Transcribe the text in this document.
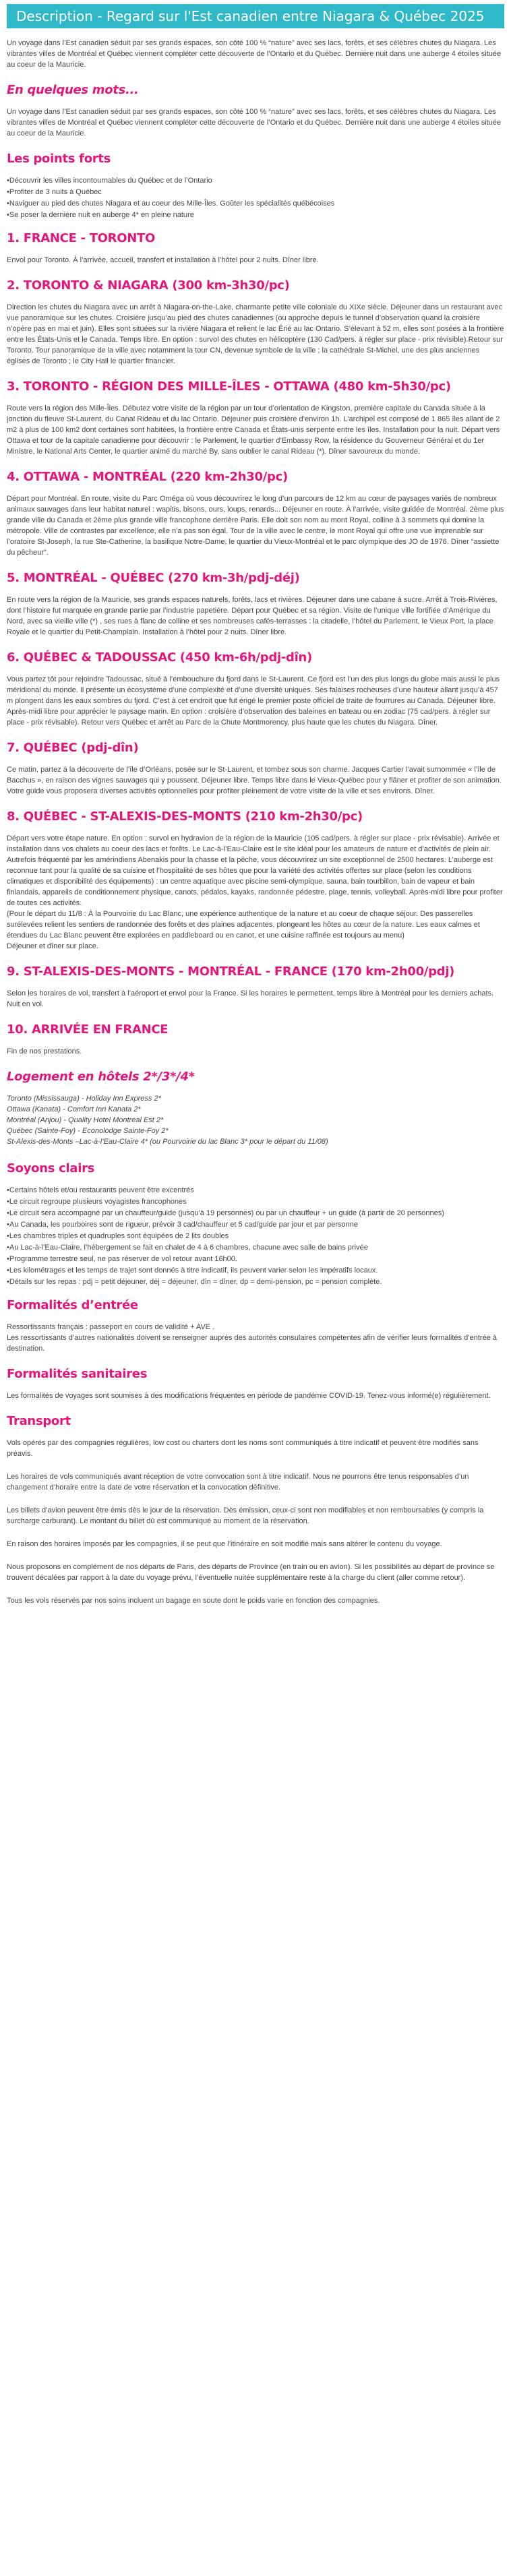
Description - Regard sur l'Est canadien entre Niagara & Québec 2025

Un voyage dans l’Est canadien séduit par ses grands espaces, son côté 100 % “nature” avec ses lacs, forêts, et ses célèbres chutes du Niagara. Les vibrantes villes de Montréal et Québec viennent compléter cette découverte de l’Ontario et du Québec. Dernière nuit dans une auberge 4 étoiles située au coeur de la Mauricie.

En quelques mots...

Un voyage dans l’Est canadien séduit par ses grands espaces, son côté 100 % “nature” avec ses lacs, forêts, et ses célèbres chutes du Niagara. Les vibrantes villes de Montréal et Québec viennent compléter cette découverte de l’Ontario et du Québec. Dernière nuit dans une auberge 4 étoiles située au coeur de la Mauricie.

Les points forts
• Découvrir les villes incontournables du Québec et de l’Ontario
• Profiter de 3 nuits à Québec
• Naviguer au pied des chutes Niagara et au coeur des Mille-Îles. Goûter les spécialités québécoises
• Se poser la dernière nuit en auberge 4* en pleine nature
1. FRANCE - TORONTO

Envol pour Toronto. À l’arrivée, accueil, transfert et installation à l’hôtel pour 2 nuits. Dîner libre.

2. TORONTO & NIAGARA (300 km-3h30/pc)

Direction les chutes du Niagara avec un arrêt à Niagara-on-the-Lake, charmante petite ville coloniale du XIXe siècle. Déjeuner dans un restaurant avec vue panoramique sur les chutes. Croisière jusqu’au pied des chutes canadiennes (ou approche depuis le tunnel d’observation quand la croisière n’opère pas en mai et juin). Elles sont situées sur la rivière Niagara et relient le lac Érié au lac Ontario. S’élevant à 52 m, elles sont posées à la frontière entre les États-Unis et le Canada. Temps libre. En option : survol des chutes en hélicoptère (130 Cad/pers. à régler sur place - prix révisible).Retour sur Toronto. Tour panoramique de la ville avec notamment la tour CN, devenue symbole de la ville ; la cathédrale St-Michel, une des plus anciennes églises de Toronto ; le City Hall le quartier financier.

3. TORONTO - RÉGION DES MILLE-ÎLES - OTTAWA (480 km-5h30/pc)

Route vers la région des Mille-Îles. Débutez votre visite de la région par un tour d’orientation de Kingston, première capitale du Canada située à la jonction du fleuve St-Laurent, du Canal Rideau et du lac Ontario. Déjeuner puis croisière d’environ 1h. L’archipel est composé de 1 865 îles allant de 2 m2 à plus de 100 km2 dont certaines sont habitées, la frontière entre Canada et États-unis serpente entre les îles. Installation pour la nuit. Départ vers Ottawa et tour de la capitale canadienne pour découvrir : le Parlement, le quartier d’Embassy Row, la résidence du Gouverneur Général et du 1er Ministre, le National Arts Center, le quartier animé du marché By, sans oublier le canal Rideau (*). Dîner savoureux du monde.

4. OTTAWA - MONTRÉAL (220 km-2h30/pc)

Départ pour Montréal. En route, visite du Parc Oméga où vous découvrirez le long d’un parcours de 12 km au cœur de paysages variés de nombreux animaux sauvages dans leur habitat naturel : wapitis, bisons, ours, loups, renards... Déjeuner en route. À l’arrivée, visite guidée de Montréal. 2ème plus grande ville du Canada et 2ème plus grande ville francophone derrière Paris. Elle doit son nom au mont Royal, colline à 3 sommets qui domine la métropole. Ville de contrastes par excellence, elle n’a pas son égal. Tour de la ville avec le centre, le mont Royal qui offre une vue imprenable sur l’oratoire St-Joseph, la rue Ste-Catherine, la basilique Notre-Dame, le quartier du Vieux-Montréal et le parc olympique des JO de 1976. Dîner “assiette du pêcheur”.

5. MONTRÉAL - QUÉBEC (270 km-3h/pdj-déj)

En route vers la région de la Mauricie, ses grands espaces naturels, forêts, lacs et rivières. Déjeuner dans une cabane à sucre. Arrêt à Trois-Rivières, dont l’histoire fut marquée en grande partie par l’industrie papetière. Départ pour Québec et sa région. Visite de l’unique ville fortifiée d’Amérique du Nord, avec sa vieille ville (*) , ses rues à flanc de colline et ses nombreuses cafés-terrasses : la citadelle, l’hôtel du Parlement, le Vieux Port, la place Royale et le quartier du Petit-Champlain. Installation à l’hôtel pour 2 nuits. Dîner libre.

6. QUÉBEC & TADOUSSAC (450 km-6h/pdj-dîn)

Vous partez tôt pour rejoindre Tadoussac, situé à l’embouchure du fjord dans le St-Laurent. Ce fjord est l’un des plus longs du globe mais aussi le plus méridional du monde. Il présente un écosystème d’une complexité et d’une diversité uniques. Ses falaises rocheuses d’une hauteur allant jusqu’à 457 m plongent dans les eaux sombres du fjord. C’est à cet endroit que fut érigé le premier poste officiel de traite de fourrures au Canada. Déjeuner libre. Après-midi libre pour apprécier le paysage marin. En option : croisière d’observation des baleines en bateau ou en zodiac (75 cad/pers. à régler sur place - prix révisable). Retour vers Québec et arrêt au Parc de la Chute Montmorency, plus haute que les chutes du Niagara. Dîner.

7. QUÉBEC (pdj-dîn)

Ce matin, partez à la découverte de l’île d’Orléans, posée sur le St-Laurent, et tombez sous son charme. Jacques Cartier l’avait surnommée « l’île de Bacchus », en raison des vignes sauvages qui y poussent. Déjeuner libre. Temps libre dans le Vieux-Québec pour y flâner et profiter de son animation. Votre guide vous proposera diverses activités optionnelles pour profiter pleinement de votre visite de la ville et ses environs. Dîner.

8. QUÉBEC - ST-ALEXIS-DES-MONTS (210 km-2h30/pc)

Départ vers votre étape nature. En option : survol en hydravion de la région de la Mauricie (105 cad/pers. à régler sur place - prix révisable). Arrivée et installation dans vos chalets au coeur des lacs et forêts. Le Lac-à-l’Eau-Claire est le site idéal pour les amateurs de nature et d’activités de plein air. Autrefois fréquenté par les amérindiens Abenakis pour la chasse et la pêche, vous découvrirez un site exceptionnel de 2500 hectares. L’auberge est reconnue tant pour la qualité de sa cuisine et l’hospitalité de ses hôtes que pour la variété des activités offertes sur place (selon les conditions climatiques et disponibilité des équipements) : un centre aquatique avec piscine semi-olympique, sauna, bain tourbillon, bain de vapeur et bain finlandais, appareils de conditionnement physique, canots, pédalos, kayaks, randonnée pédestre, plage, tennis, volleyball. Après-midi libre pour profiter de toutes ces activités.
(Pour le départ du 11/8 : À la Pourvoirie du Lac Blanc, une expérience authentique de la nature et au coeur de chaque séjour. Des passerelles surélevées relient les sentiers de randonnée des forêts et des plaines adjacentes, plongeant les hôtes au cœur de la nature. Les eaux calmes et étendues du Lac Blanc peuvent être explorées en paddleboard ou en canot, et une cuisine raffinée est toujours au menu)
Déjeuner et dîner sur place.

9. ST-ALEXIS-DES-MONTS - MONTRÉAL - FRANCE (170 km-2h00/pdj)

Selon les horaires de vol, transfert à l’aéroport et envol pour la France. Si les horaires le permettent, temps libre à Montréal pour les derniers achats. Nuit en vol.

10. ARRIVÉE EN FRANCE

Fin de nos prestations.

Logement en hôtels 2*/3*/4*

Toronto (Mississauga) - Holiday Inn Express 2*

Ottawa (Kanata) - Comfort Inn Kanata 2*

Montréal (Anjou) - Quality Hotel Montreal Est 2*

Québec (Sainte-Foy) - Econolodge Sainte-Foy 2*

St-Alexis-des-Monts –Lac-à-l’Eau-Claire 4* (ou Pourvoirie du lac Blanc 3* pour le départ du 11/08)

Soyons clairs
• Certains hôtels et/ou restaurants peuvent être excentrés
• Le circuit regroupe plusieurs voyagistes francophones
• Le circuit sera accompagné par un chauffeur/guide (jusqu’à 19 personnes) ou par un chauffeur + un guide (à partir de 20 personnes)
• Au Canada, les pourboires sont de rigueur, prévoir 3 cad/chauffeur et 5 cad/guide par jour et par personne
• Les chambres triples et quadruples sont équipées de 2 lits doubles
• Au Lac-à-l’Eau-Claire, l’hébergement se fait en chalet de 4 à 6 chambres, chacune avec salle de bains privée
• Programme terrestre seul, ne pas réserver de vol retour avant 16h00.
• Les kilométrages et les temps de trajet sont donnés à titre indicatif, ils peuvent varier selon les impératifs locaux.
• Détails sur les repas : pdj = petit déjeuner, déj = déjeuner, dîn = dîner, dp = demi-pension, pc = pension complète.
Formalités d’entrée

Ressortissants français : passeport en cours de validité + AVE .
Les ressortissants d’autres nationalités doivent se renseigner auprès des autorités consulaires compétentes afin de vérifier leurs formalités d’entrée à destination.

Formalités sanitaires

Les formalités de voyages sont soumises à des modifications fréquentes en période de pandémie COVID-19. Tenez-vous informé(e) régulièrement.

Transport

Vols opérés par des compagnies régulières, low cost ou charters dont les noms sont communiqués à titre indicatif et peuvent être modifiés sans préavis.

Les horaires de vols communiqués avant réception de votre convocation sont à titre indicatif. Nous ne pourrons être tenus responsables d’un changement d’horaire entre la date de votre réservation et la convocation définitive.

Les billets d’avion peuvent être émis dès le jour de la réservation. Dès émission, ceux-ci sont non modifiables et non remboursables (y compris la surcharge carburant). Le montant du billet dû est communiqué au moment de la réservation.

En raison des horaires imposés par les compagnies, il se peut que l’itinéraire en soit modifié mais sans altérer le contenu du voyage.

Nous proposons en complément de nos départs de Paris, des départs de Province (en train ou en avion). Si les possibilités au départ de province se trouvent décalées par rapport à la date du voyage prévu, l’éventuelle nuitée supplémentaire reste à la charge du client (aller comme retour).

Tous les vols réservés par nos soins incluent un bagage en soute dont le poids varie en fonction des compagnies.
